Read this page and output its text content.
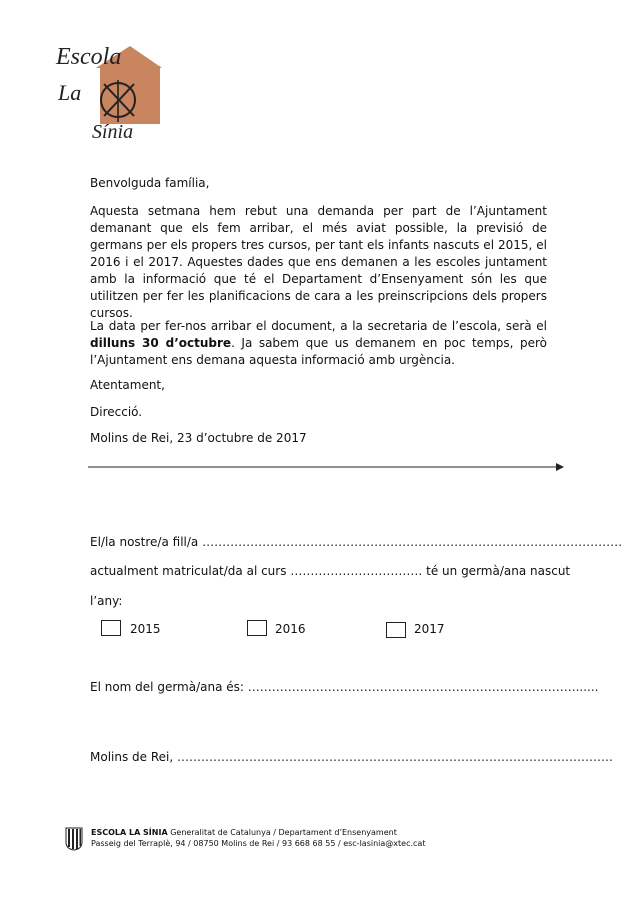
Escola
La
Sínia
Benvolguda família,
Aquesta setmana hem rebut una demanda per part de l’Ajuntament demanant que els fem arribar, el més aviat possible, la previsió de germans per els propers tres cursos, per tant els infants nascuts el 2015, el 2016 i el 2017. Aquestes dades que ens demanen a les escoles juntament amb la informació que té el Departament d’Ensenyament són les que utilitzen per fer les planificacions de cara a les preinscripcions dels propers cursos.
La data per fer-nos arribar el document, a la secretaria de l’escola, serà el dilluns 30 d’octubre. Ja sabem que us demanem en poc temps, però l’Ajuntament ens demana aquesta informació amb urgència.
Atentament,
Direcció.
Molins de Rei, 23 d’octubre de 2017
El/la nostre/a fill/a ……………………………………………………………………………………………
actualment matriculat/da al curs …………………………… té un germà/ana nascut
l’any:
2015	2016	2017
El nom del germà/ana és: ……………………………………………………………………….......
Molins de Rei, ……………………………………………………………………………………………….
ESCOLA LA SÍNIA Generalitat de Catalunya / Departament d’Ensenyament
Passeig del Terraplè, 94 / 08750 Molins de Rei / 93 668 68 55 / esc-lasinia@xtec.cat
